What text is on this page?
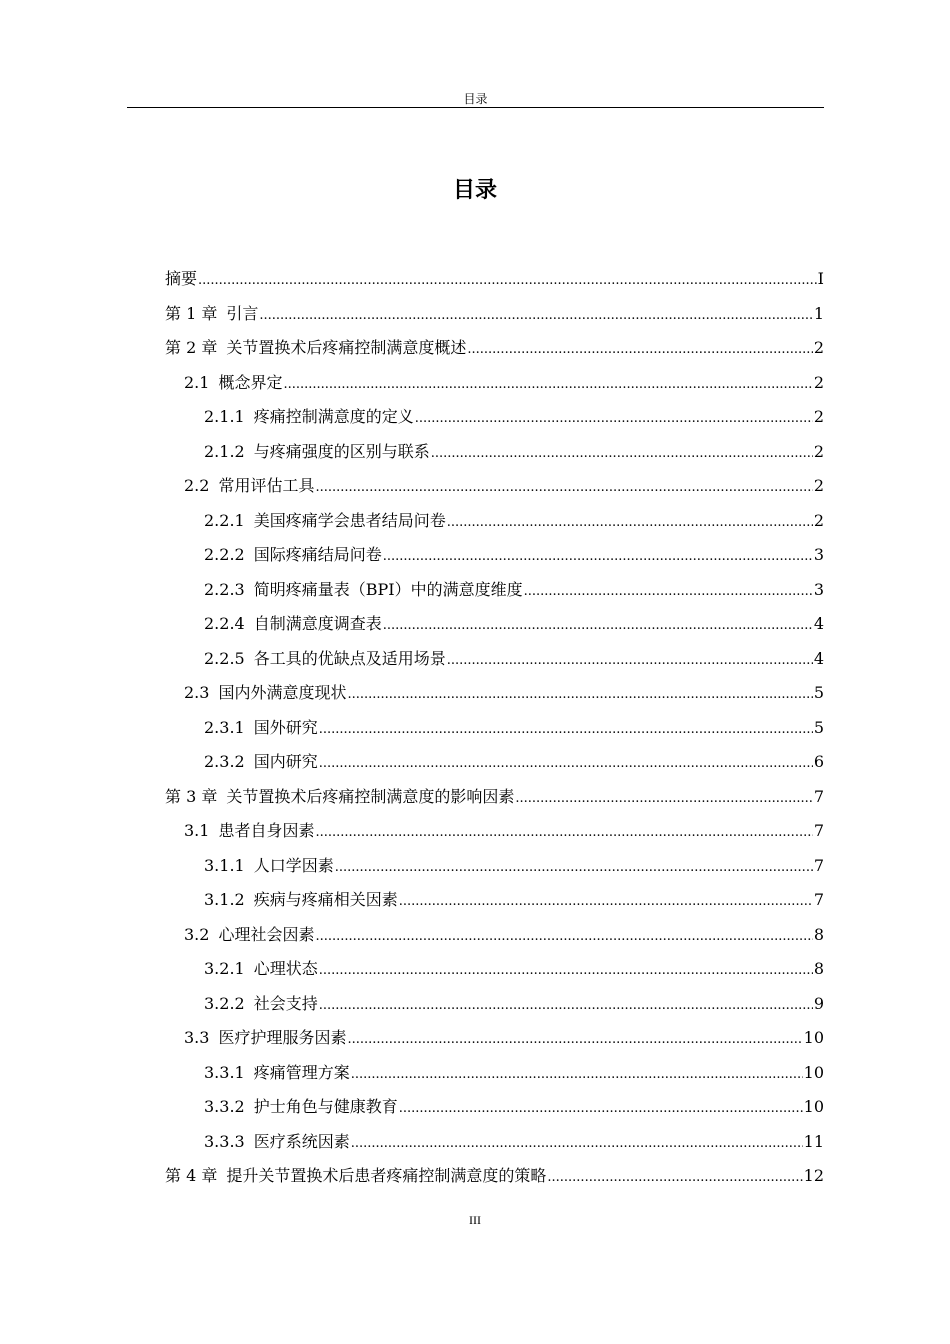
目录
目录
摘要 .....	I
第 1 章 引言 .....	1
第 2 章 关节置换术后疼痛控制满意度概述 .....	2
2.1 概念界定 .....	2
2.1.1 疼痛控制满意度的定义 .....	2
2.1.2 与疼痛强度的区别与联系 .....	2
2.2 常用评估工具 .....	2
2.2.1 美国疼痛学会患者结局问卷 .....	2
2.2.2 国际疼痛结局问卷 .....	3
2.2.3 简明疼痛量表（BPI）中的满意度维度 .....	3
2.2.4 自制满意度调查表 .....	4
2.2.5 各工具的优缺点及适用场景 .....	4
2.3 国内外满意度现状 .....	5
2.3.1 国外研究 .....	5
2.3.2 国内研究 .....	6
第 3 章 关节置换术后疼痛控制满意度的影响因素 .....	7
3.1 患者自身因素 .....	7
3.1.1 人口学因素 .....	7
3.1.2 疾病与疼痛相关因素 .....	7
3.2 心理社会因素 .....	8
3.2.1 心理状态 .....	8
3.2.2 社会支持 .....	9
3.3 医疗护理服务因素 .....	10
3.3.1 疼痛管理方案 .....	10
3.3.2 护士角色与健康教育 .....	10
3.3.3 医疗系统因素 .....	11
第 4 章 提升关节置换术后患者疼痛控制满意度的策略 .....	12
III
